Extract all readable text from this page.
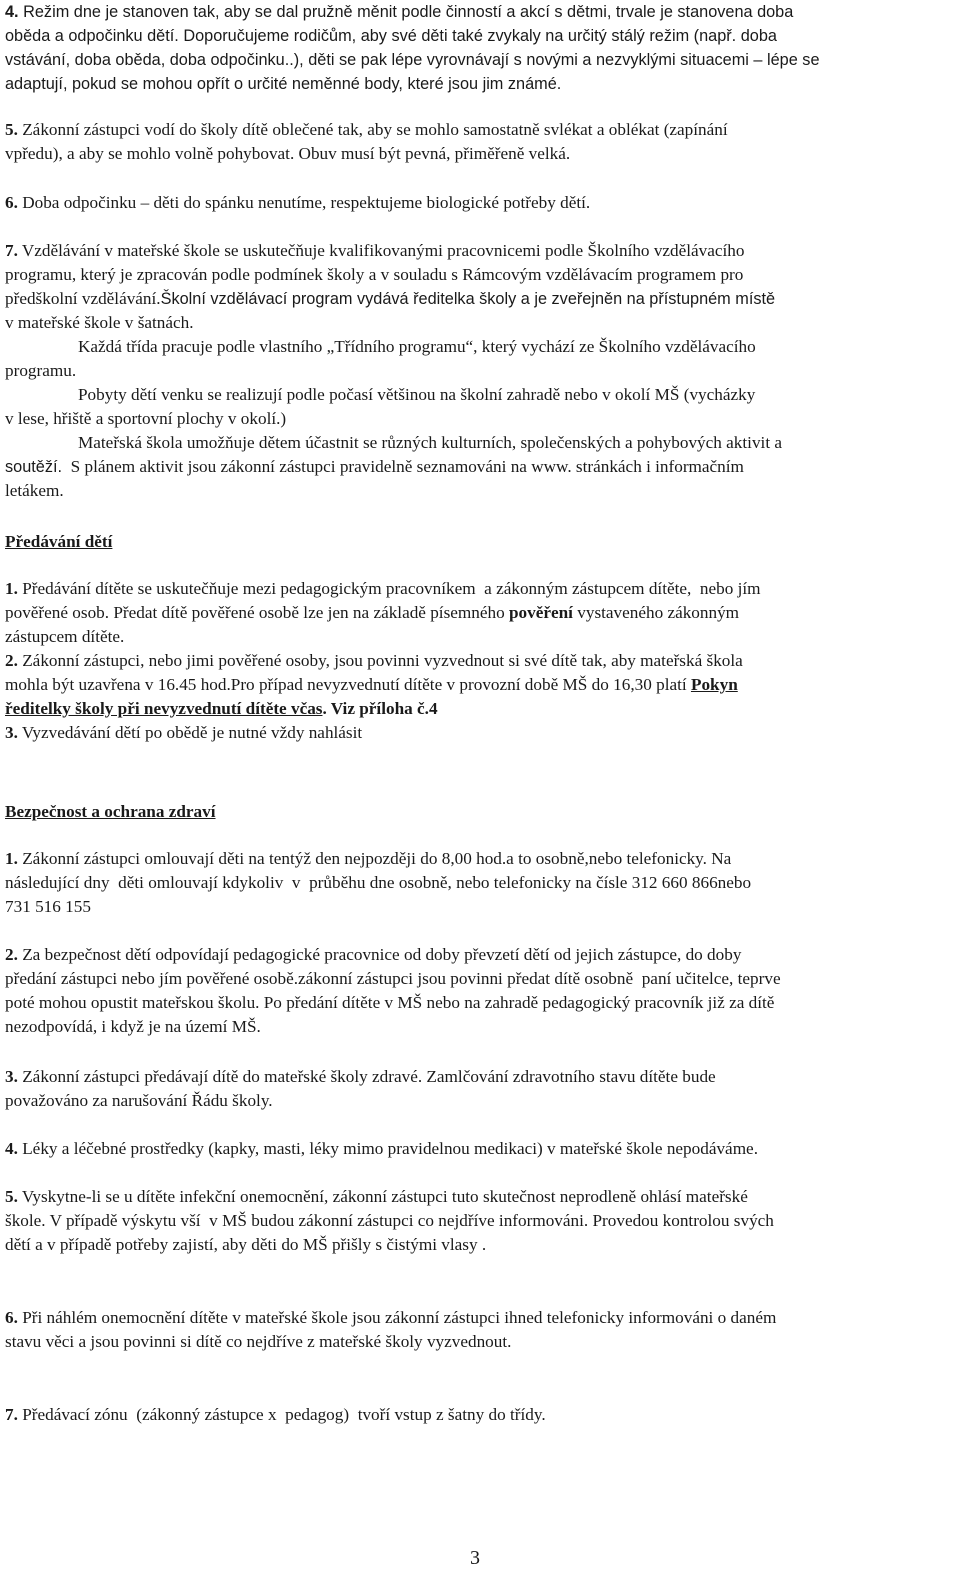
4. Režim dne je stanoven tak, aby se dal pružně měnit podle činností a akcí s dětmi, trvale je stanovena doba
oběda a odpočinku dětí. Doporučujeme rodičům, aby své děti také zvykaly na určitý stálý režim (např. doba
vstávání, doba oběda, doba odpočinku..), děti se pak lépe vyrovnávají s novými a nezvyklými situacemi – lépe se
adaptují, pokud se mohou opřít o určité neměnné body, které jsou jim známé.
5. Zákonní zástupci vodí do školy dítě oblečené tak, aby se mohlo samostatně svlékat a oblékat (zapínání
vpředu), a aby se mohlo volně pohybovat. Obuv musí být pevná, přiměřeně velká.
6. Doba odpočinku – děti do spánku nenutíme, respektujeme biologické potřeby dětí.
7. Vzdělávání v mateřské škole se uskutečňuje kvalifikovanými pracovnicemi podle Školního vzdělávacího
programu, který je zpracován podle podmínek školy a v souladu s Rámcovým vzdělávacím programem pro
předškolní vzdělávání.Školní vzdělávací program vydává ředitelka školy a je zveřejněn na přístupném místě
v mateřské škole v šatnách.
Každá třída pracuje podle vlastního „Třídního programu“, který vychází ze Školního vzdělávacího
programu.
Pobyty dětí venku se realizují podle počasí většinou na školní zahradě nebo v okolí MŠ (vycházky
v lese, hřiště a sportovní plochy v okolí.)
Mateřská škola umožňuje dětem účastnit se různých kulturních, společenských a pohybových aktivit a
soutěží.  S plánem aktivit jsou zákonní zástupci pravidelně seznamováni na www. stránkách i informačním
letákem.
Předávání dětí
1. Předávání dítěte se uskutečňuje mezi pedagogickým pracovníkem  a zákonným zástupcem dítěte,  nebo jím
pověřené osob. Předat dítě pověřené osobě lze jen na základě písemného pověření vystaveného zákonným
zástupcem dítěte.
2. Zákonní zástupci, nebo jimi pověřené osoby, jsou povinni vyzvednout si své dítě tak, aby mateřská škola
mohla být uzavřena v 16.45 hod.Pro případ nevyzvednutí dítěte v provozní době MŠ do 16,30 platí Pokyn
ředitelky školy při nevyzvednutí dítěte včas. Viz příloha č.4
3. Vyzvedávání dětí po obědě je nutné vždy nahlásit
Bezpečnost a ochrana zdraví
1. Zákonní zástupci omlouvají děti na tentýž den nejpozději do 8,00 hod.a to osobně,nebo telefonicky. Na
následující dny  děti omlouvají kdykoliv  v  průběhu dne osobně, nebo telefonicky na čísle 312 660 866nebo
731 516 155
2. Za bezpečnost dětí odpovídají pedagogické pracovnice od doby převzetí dětí od jejich zástupce, do doby
předání zástupci nebo jím pověřené osobě.zákonní zástupci jsou povinni předat dítě osobně  paní učitelce, teprve
poté mohou opustit mateřskou školu. Po předání dítěte v MŠ nebo na zahradě pedagogický pracovník již za dítě
nezodpovídá, i když je na území MŠ.
3. Zákonní zástupci předávají dítě do mateřské školy zdravé. Zamlčování zdravotního stavu dítěte bude
považováno za narušování Řádu školy.
4. Léky a léčebné prostředky (kapky, masti, léky mimo pravidelnou medikaci) v mateřské škole nepodáváme.
5. Vyskytne-li se u dítěte infekční onemocnění, zákonní zástupci tuto skutečnost neprodleně ohlásí mateřské
škole. V případě výskytu vší  v MŠ budou zákonní zástupci co nejdříve informováni. Provedou kontrolou svých
dětí a v případě potřeby zajistí, aby děti do MŠ přišly s čistými vlasy .
6. Při náhlém onemocnění dítěte v mateřské škole jsou zákonní zástupci ihned telefonicky informováni o daném
stavu věci a jsou povinni si dítě co nejdříve z mateřské školy vyzvednout.
7. Předávací zónu  (zákonný zástupce x  pedagog)  tvoří vstup z šatny do třídy.
3
